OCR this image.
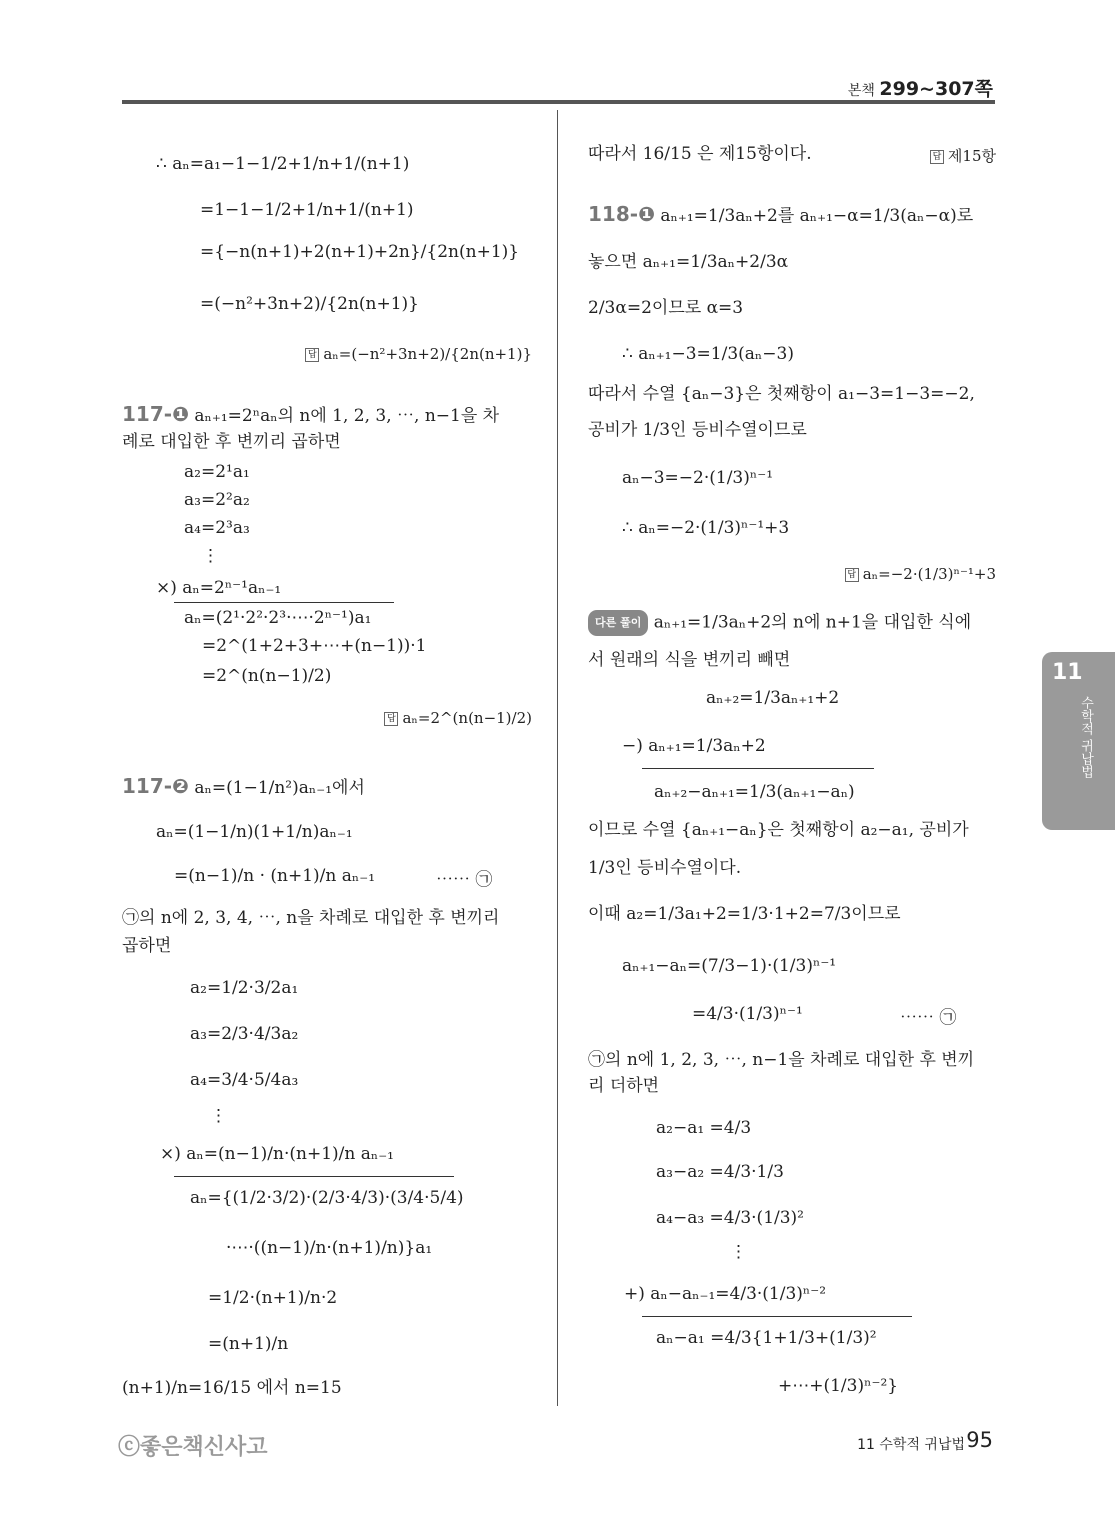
본책 299~307쪽
∴ aₙ=a₁−1−1/2+1/n+1/(n+1)
=1−1−1/2+1/n+1/(n+1)
={−n(n+1)+2(n+1)+2n}/{2n(n+1)}
=(−n²+3n+2)/{2n(n+1)}
답 aₙ=(−n²+3n+2)/{2n(n+1)}
117-❶ aₙ₊₁=2ⁿaₙ의 n에 1, 2, 3, ⋯, n−1을 차
례로 대입한 후 변끼리 곱하면
a₂=2¹a₁
a₃=2²a₂
a₄=2³a₃
⋮
×) aₙ=2ⁿ⁻¹aₙ₋₁
aₙ=(2¹·2²·2³·⋯·2ⁿ⁻¹)a₁
=2^(1+2+3+⋯+(n−1))·1
=2^(n(n−1)/2)
답 aₙ=2^(n(n−1)/2)
117-❷ aₙ=(1−1/n²)aₙ₋₁에서
aₙ=(1−1/n)(1+1/n)aₙ₋₁
=(n−1)/n · (n+1)/n aₙ₋₁	⋯⋯ ㉠
㉠의 n에 2, 3, 4, ⋯, n을 차례로 대입한 후 변끼리
곱하면
a₂=1/2·3/2a₁
a₃=2/3·4/3a₂
a₄=3/4·5/4a₃
⋮
×) aₙ=(n−1)/n·(n+1)/n aₙ₋₁
aₙ={(1/2·3/2)·(2/3·4/3)·(3/4·5/4)
·⋯·((n−1)/n·(n+1)/n)}a₁
=1/2·(n+1)/n·2
=(n+1)/n
(n+1)/n=16/15 에서 n=15
따라서 16/15 은 제15항이다.	답 제15항
118-❶ aₙ₊₁=1/3aₙ+2를 aₙ₊₁−α=1/3(aₙ−α)로
놓으면 aₙ₊₁=1/3aₙ+2/3α
2/3α=2이므로 α=3
∴ aₙ₊₁−3=1/3(aₙ−3)
따라서 수열 {aₙ−3}은 첫째항이 a₁−3=1−3=−2,
공비가 1/3인 등비수열이므로
aₙ−3=−2·(1/3)ⁿ⁻¹
∴ aₙ=−2·(1/3)ⁿ⁻¹+3
답 aₙ=−2·(1/3)ⁿ⁻¹+3
다른 풀이 aₙ₊₁=1/3aₙ+2의 n에 n+1을 대입한 식에
서 원래의 식을 변끼리 빼면
aₙ₊₂=1/3aₙ₊₁+2
−) aₙ₊₁=1/3aₙ+2
aₙ₊₂−aₙ₊₁=1/3(aₙ₊₁−aₙ)
이므로 수열 {aₙ₊₁−aₙ}은 첫째항이 a₂−a₁, 공비가
1/3인 등비수열이다.
이때 a₂=1/3a₁+2=1/3·1+2=7/3이므로
aₙ₊₁−aₙ=(7/3−1)·(1/3)ⁿ⁻¹
=4/3·(1/3)ⁿ⁻¹	⋯⋯ ㉠
㉠의 n에 1, 2, 3, ⋯, n−1을 차례로 대입한 후 변끼
리 더하면
a₂−a₁ =4/3
a₃−a₂ =4/3·1/3
a₄−a₃ =4/3·(1/3)²
⋮
+) aₙ−aₙ₋₁=4/3·(1/3)ⁿ⁻²
aₙ−a₁ =4/3{1+1/3+(1/3)²
+⋯+(1/3)ⁿ⁻²}
11
수학적 귀납법
ⓒ좋은책신사고	11 수학적 귀납법 95
